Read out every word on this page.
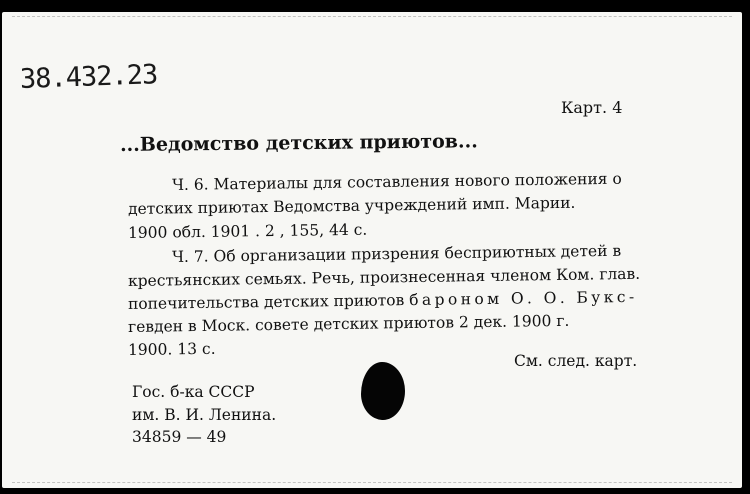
38.432.23
Карт. 4
...Ведомство детских приютов...
Ч. 6. Материалы для составления нового положения о
детских приютах Ведомства учреждений имп. Марии.
1900 обл. 1901 . 2 , 155, 44 с.
Ч. 7. Об организации призрения бесприютных детей в
крестьянских семьях. Речь, произнесенная членом Ком. глав.
попечительства детских приютов бароном О. О. Букс-
гевден в Моск. совете детских приютов 2 дек. 1900 г.
1900. 13 с.
См. след. карт.
Гос. б-ка СССР
им. В. И. Ленина.
34859 — 49
